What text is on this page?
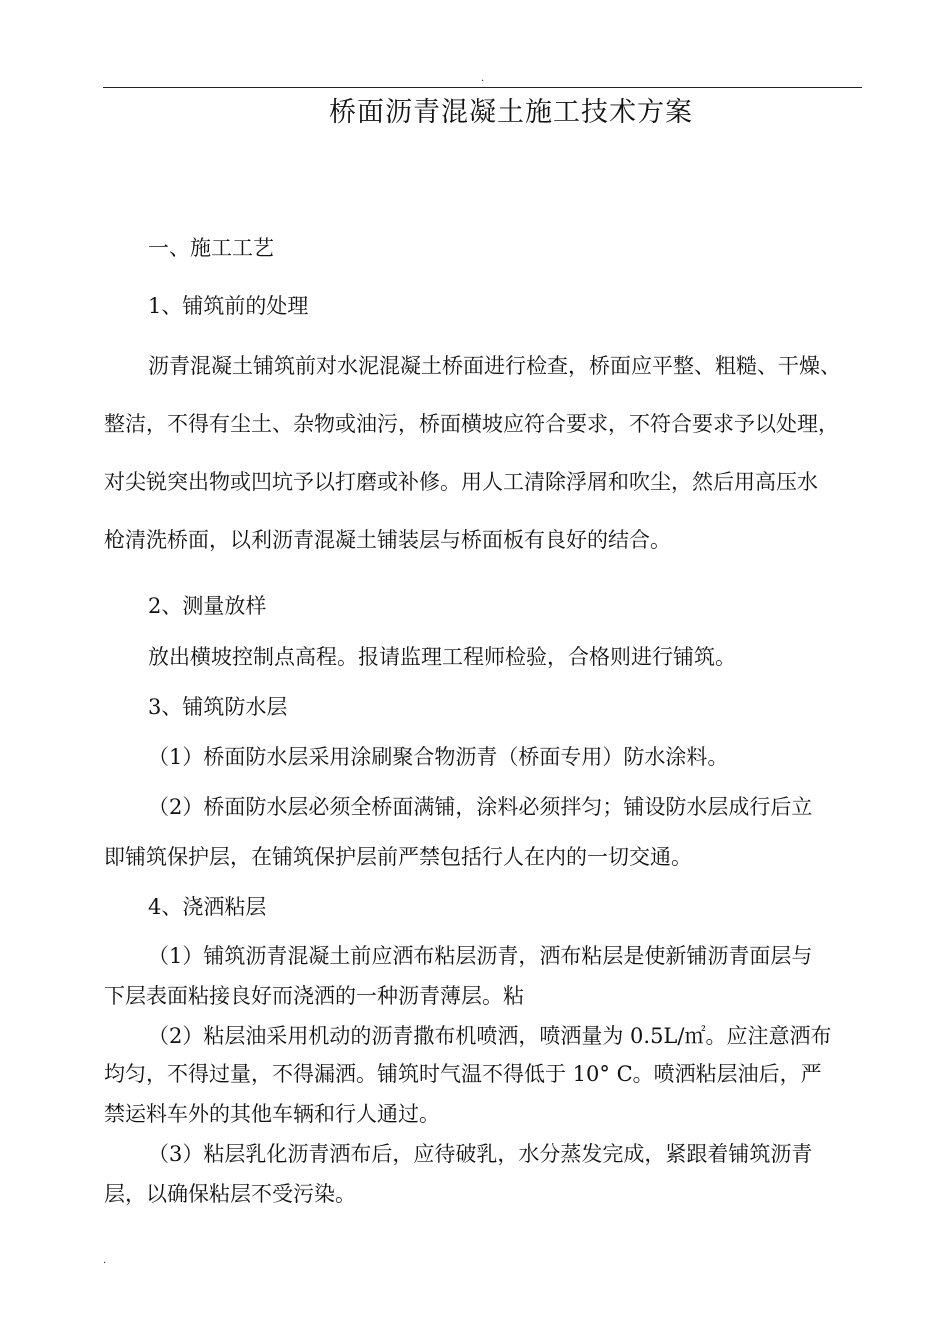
.
桥面沥青混凝土施工技术方案
一、施工工艺
1、铺筑前的处理
沥青混凝土铺筑前对水泥混凝土桥面进行检查，桥面应平整、粗糙、干燥、
整洁，不得有尘土、杂物或油污，桥面横坡应符合要求，不符合要求予以处理，
对尖锐突出物或凹坑予以打磨或补修。用人工清除浮屑和吹尘，然后用高压水
枪清洗桥面，以利沥青混凝土铺装层与桥面板有良好的结合。
2、测量放样
放出横坡控制点高程。报请监理工程师检验，合格则进行铺筑。
3、铺筑防水层
（1）桥面防水层采用涂刷聚合物沥青（桥面专用）防水涂料。
（2）桥面防水层必须全桥面满铺，涂料必须拌匀；铺设防水层成行后立
即铺筑保护层，在铺筑保护层前严禁包括行人在内的一切交通。
4、浇洒粘层
（1）铺筑沥青混凝土前应洒布粘层沥青，洒布粘层是使新铺沥青面层与
下层表面粘接良好而浇洒的一种沥青薄层。粘
（2）粘层油采用机动的沥青撒布机喷洒，喷洒量为 0.5L/㎡。应注意洒布
均匀，不得过量，不得漏洒。铺筑时气温不得低于 10° C。喷洒粘层油后，严
禁运料车外的其他车辆和行人通过。
（3）粘层乳化沥青洒布后，应待破乳，水分蒸发完成，紧跟着铺筑沥青
层，以确保粘层不受污染。
.
